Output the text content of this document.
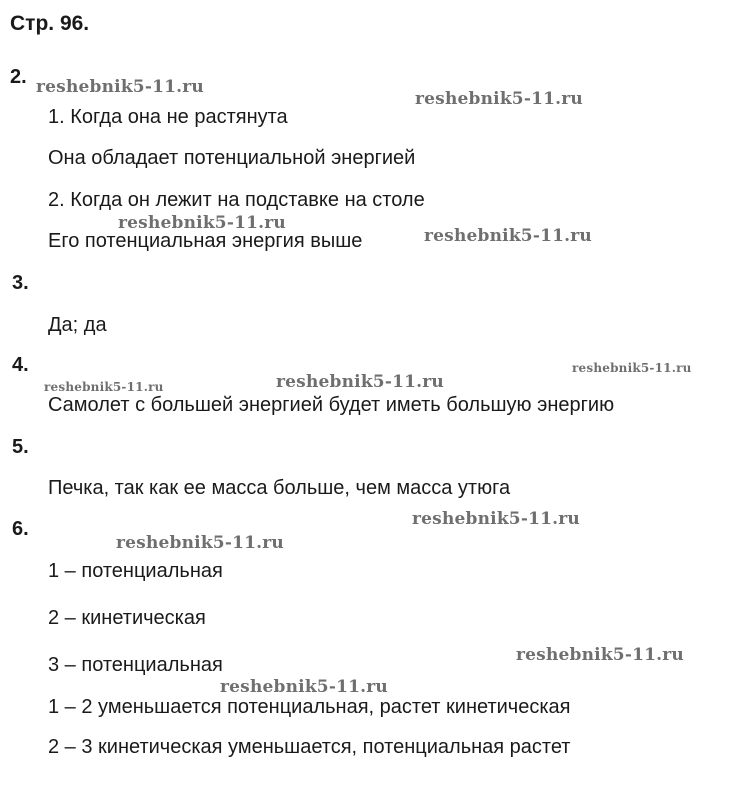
Стр. 96.
2.
1. Когда она не растянута
Она обладает потенциальной энергией
2. Когда он лежит на подставке на столе
Его потенциальная энергия выше
3.
Да; да
4.
Самолет с большей энергией будет иметь большую энергию
5.
Печка, так как ее масса больше, чем масса утюга
6.
1 – потенциальная
2 – кинетическая
3 – потенциальная
1 – 2 уменьшается потенциальная, растет кинетическая
2 – 3 кинетическая уменьшается, потенциальная растет
reshebnik5-11.ru
reshebnik5-11.ru
reshebnik5-11.ru
reshebnik5-11.ru
reshebnik5-11.ru
reshebnik5-11.ru	reshebnik5-11.ru
reshebnik5-11.ru
reshebnik5-11.ru
reshebnik5-11.ru
reshebnik5-11.ru
